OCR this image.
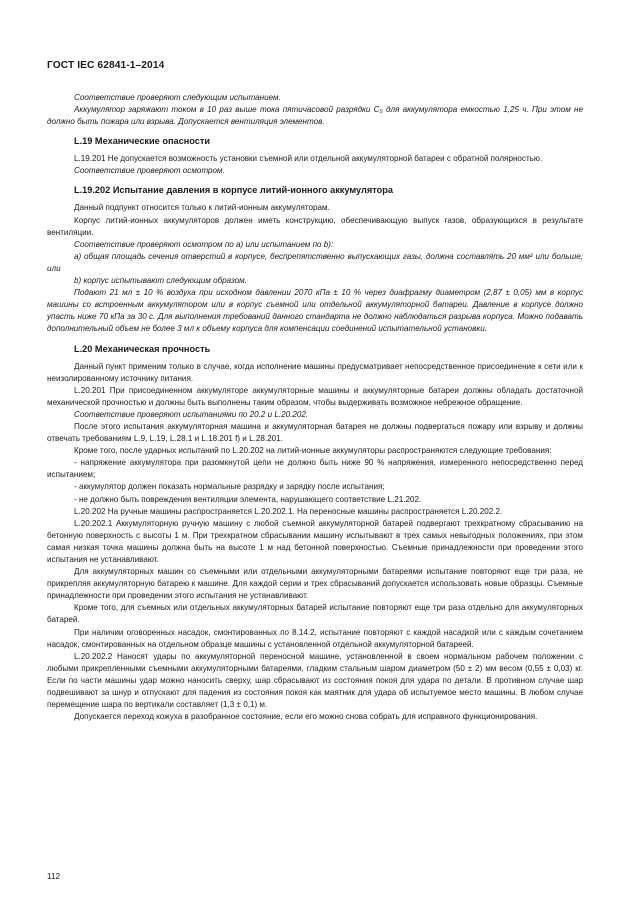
ГОСТ IEC 62841-1–2014

Соответствие проверяют следующим испытанием.

Аккумулятор заряжают током в 10 раз выше тока пятичасовой разрядки C₅ для аккумулятора емкостью 1,25 ч. При этом не должно быть пожара или взрыва. Допускается вентиляция элементов.

L.19 Механические опасности

L.19.201 Не допускается возможность установки съемной или отдельной аккумуляторной батареи с обратной полярностью.

Соответствие проверяют осмотром.

L.19.202 Испытание давления в корпусе литий-ионного аккумулятора

Данный подпункт относится только к литий-ионным аккумуляторам.

Корпус литий-ионных аккумуляторов должен иметь конструкцию, обеспечивающую выпуск газов, образующихся в результате вентиляции.

Соответствие проверяют осмотром по a) или испытанием по b):

a) общая площадь сечения отверстий в корпусе, беспрепятственно выпускающих газы, должна составлять 20 мм² или больше; или

b) корпус испытывают следующим образом.

Подают 21 мл ± 10 % воздуха при исходном давлении 2070 кПа ± 10 % через диафрагму диаметром (2,87 ± 0,05) мм в корпус машины со встроенным аккумулятором или в корпус съемной или отдельной аккумуляторной батареи. Давление в корпусе должно упасть ниже 70 кПа за 30 с. Для выполнения требований данного стандарта не должно наблюдаться разрыва корпуса. Можно подавать дополнительный объем не более 3 мл к объему корпуса для компенсации соединений испытательной установки.

L.20 Механическая прочность

Данный пункт применим только в случае, когда исполнение машины предусматривает непосредственное присоединение к сети или к неизолированному источнику питания.

L.20.201 При присоединенном аккумуляторе аккумуляторные машины и аккумуляторные батареи должны обладать достаточной механической прочностью и должны быть выполнены таким образом, чтобы выдерживать возможное небрежное обращение.

Соответствие проверяют испытаниями по 20.2 и L.20.202.

После этого испытания аккумуляторная машина и аккумуляторная батарея не должны подвергаться пожару или взрыву и должны отвечать требованиям L.9, L.19, L.28.1 и L.18.201 f) и L.28.201.

Кроме того, после ударных испытаний по L.20.202 на литий-ионные аккумуляторы распространяются следующие требования:

- напряжение аккумулятора при разомкнутой цепи не должно быть ниже 90 % напряжения, измеренного непосредственно перед испытанием;

- аккумулятор должен показать нормальные разрядку и зарядку после испытания;

- не должно быть повреждения вентиляции элемента, нарушающего соответствие L.21.202.

L.20.202 На ручные машины распространяется L.20.202.1. На переносные машины распространяется L.20.202.2.

L.20.202.1 Аккумуляторную ручную машину с любой съемной аккумуляторной батарей подвергают трехкратному сбрасыванию на бетонную поверхность с высоты 1 м. При трехкратном сбрасывании машину испытывают в трех самых невыгодных положениях, при этом самая низкая точка машины должна быть на высоте 1 м над бетонной поверхностью. Съемные принадлежности при проведении этого испытания не устанавливают.

Для аккумуляторных машин со съемными или отдельными аккумуляторными батареями испытание повторяют еще три раза, не прикрепляя аккумуляторную батарею к машине. Для каждой серии и трех сбрасываний допускается использовать новые образцы. Съемные принадлежности при проведении этого испытания не устанавливают.

Кроме того, для съемных или отдельных аккумуляторных батарей испытание повторяют еще три раза отдельно для аккумуляторных батарей.

При наличии оговоренных насадок, смонтированных по 8.14.2, испытание повторяют с каждой насадкой или с каждым сочетанием насадок, смонтированных на отдельном образце машины с установленной отдельной аккумуляторной батареей.

L.20.202.2 Наносят удары по аккумуляторной переносной машине, установленной в своем нормальном рабочем положении с любыми прикрепленными съемными аккумуляторными батареями, гладким стальным шаром диаметром (50 ± 2) мм весом (0,55 ± 0,03) кг. Если по части машины удар можно наносить сверху, шар сбрасывают из состояния покоя для удара по детали. В противном случае шар подвешивают за шнур и отпускают для падения из состояния покоя как маятник для удара об испытуемое место машины. В любом случае перемещение шара по вертикали составляет (1,3 ± 0,1) м.

Допускается переход кожуха в разобранное состояние, если его можно снова собрать для исправного функционирования.

112
